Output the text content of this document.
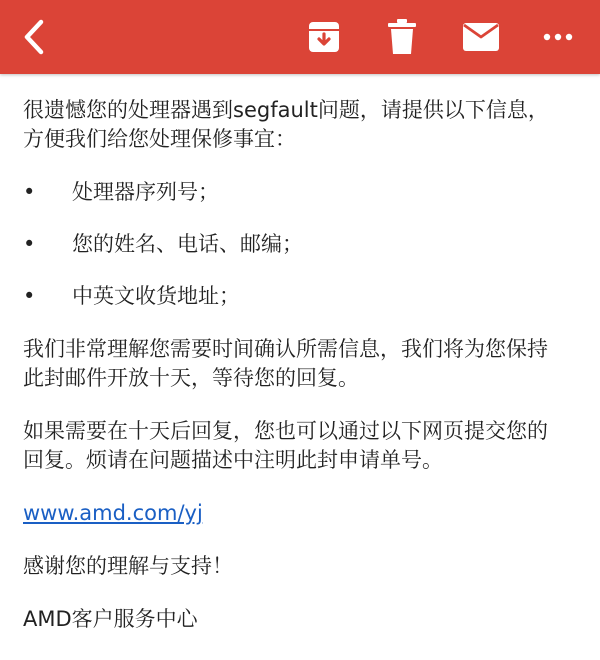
很遗憾您的处理器遇到segfault问题，请提供以下信息，方便我们给您处理保修事宜：

• 处理器序列号；
• 您的姓名、电话、邮编；
• 中英文收货地址；

我们非常理解您需要时间确认所需信息，我们将为您保持此封邮件开放十天，等待您的回复。

如果需要在十天后回复，您也可以通过以下网页提交您的回复。烦请在问题描述中注明此封申请单号。

www.amd.com/yj

感谢您的理解与支持！

AMD客户服务中心
